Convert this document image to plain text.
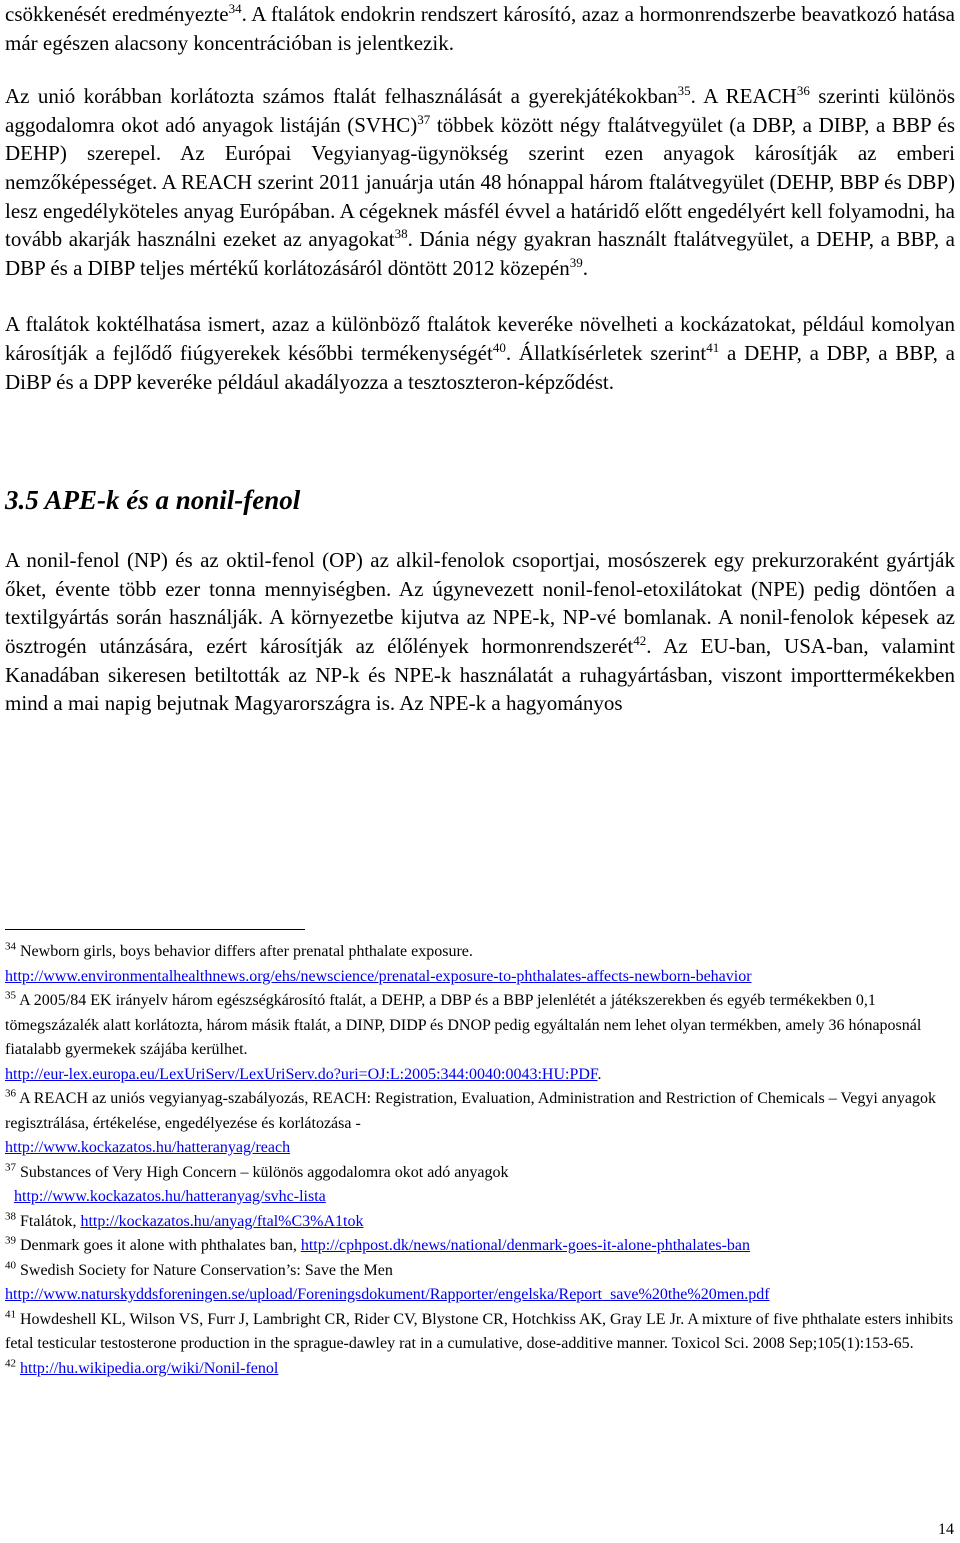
csökkenését eredményezte$^{34}$. A ftalátok endokrin rendszert károsító, azaz a hormonrendszerbe beavatkozó hatása már egészen alacsony koncentrációban is jelentkezik.

Az unió korábban korlátozta számos ftalát felhasználását a gyerekjátékokban$^{35}$. A REACH$^{36}$ szerinti különös aggodalomra okot adó anyagok listáján (SVHC)$^{37}$ többek között négy ftalátvegyület (a DBP, a DIBP, a BBP és DEHP) szerepel. Az Európai Vegyianyag-ügynökség szerint ezen anyagok károsítják az emberi nemzőképességet. A REACH szerint 2011 januárja után 48 hónappal három ftalátvegyület (DEHP, BBP és DBP) lesz engedélyköteles anyag Európában. A cégeknek másfél évvel a határidő előtt engedélyért kell folyamodni, ha tovább akarják használni ezeket az anyagokat$^{38}$. Dánia négy gyakran használt ftalátvegyület, a DEHP, a BBP, a DBP és a DIBP teljes mértékű korlátozásáról döntött 2012 közepén$^{39}$.

A ftalátok koktélhatása ismert, azaz a különböző ftalátok keveréke növelheti a kockázatokat, például komolyan károsítják a fejlődő fiúgyerekek későbbi termékenységét$^{40}$. Állatkísérletek szerint$^{41}$ a DEHP, a DBP, a BBP, a DiBP és a DPP keveréke például akadályozza a tesztoszteron-képződést.

3.5 APE-k és a nonil-fenol

A nonil-fenol (NP) és az oktil-fenol (OP) az alkil-fenolok csoportjai, mosószerek egy prekurzoraként gyártják őket, évente több ezer tonna mennyiségben. Az úgynevezett nonil-fenol-etoxilátokat (NPE) pedig döntően a textilgyártás során használják. A környezetbe kijutva az NPE-k, NP-vé bomlanak. A nonil-fenolok képesek az ösztrogén utánzására, ezért károsítják az élőlények hormonrendszerét$^{42}$. Az EU-ban, USA-ban, valamint Kanadában sikeresen betiltották az NP-k és NPE-k használatát a ruhagyártásban, viszont importtermékekben mind a mai napig bejutnak Magyarországra is. Az NPE-k a hagyományos

$^{34}$ Newborn girls, boys behavior differs after prenatal phthalate exposure.
http://www.environmentalhealthnews.org/ehs/newscience/prenatal-exposure-to-phthalates-affects-newborn-behavior

$^{35}$ A 2005/84 EK irányelv három egészségkárosító ftalát, a DEHP, a DBP és a BBP jelenlétét a játékszerekben és egyéb termékekben 0,1 tömegszázalék alatt korlátozta, három másik ftalát, a DINP, DIDP és DNOP pedig egyáltalán nem lehet olyan termékben, amely 36 hónaposnál fiatalabb gyermekek szájába kerülhet.
http://eur-lex.europa.eu/LexUriServ/LexUriServ.do?uri=OJ:L:2005:344:0040:0043:HU:PDF.

$^{36}$ A REACH az uniós vegyianyag-szabályozás, REACH: Registration, Evaluation, Administration and Restriction of Chemicals – Vegyi anyagok regisztrálása, értékelése, engedélyezése és korlátozása -
http://www.kockazatos.hu/hatteranyag/reach

$^{37}$ Substances of Very High Concern – különös aggodalomra okot adó anyagok
http://www.kockazatos.hu/hatteranyag/svhc-lista

$^{38}$ Ftalátok, http://kockazatos.hu/anyag/ftal%C3%A1tok

$^{39}$ Denmark goes it alone with phthalates ban, http://cphpost.dk/news/national/denmark-goes-it-alone-phthalates-ban

$^{40}$ Swedish Society for Nature Conservation’s: Save the Men
http://www.naturskyddsforeningen.se/upload/Foreningsdokument/Rapporter/engelska/Report_save%20the%20men.pdf

$^{41}$ Howdeshell KL, Wilson VS, Furr J, Lambright CR, Rider CV, Blystone CR, Hotchkiss AK, Gray LE Jr. A mixture of five phthalate esters inhibits fetal testicular testosterone production in the sprague-dawley rat in a cumulative, dose-additive manner. Toxicol Sci. 2008 Sep;105(1):153-65.

$^{42}$ http://hu.wikipedia.org/wiki/Nonil-fenol

14
